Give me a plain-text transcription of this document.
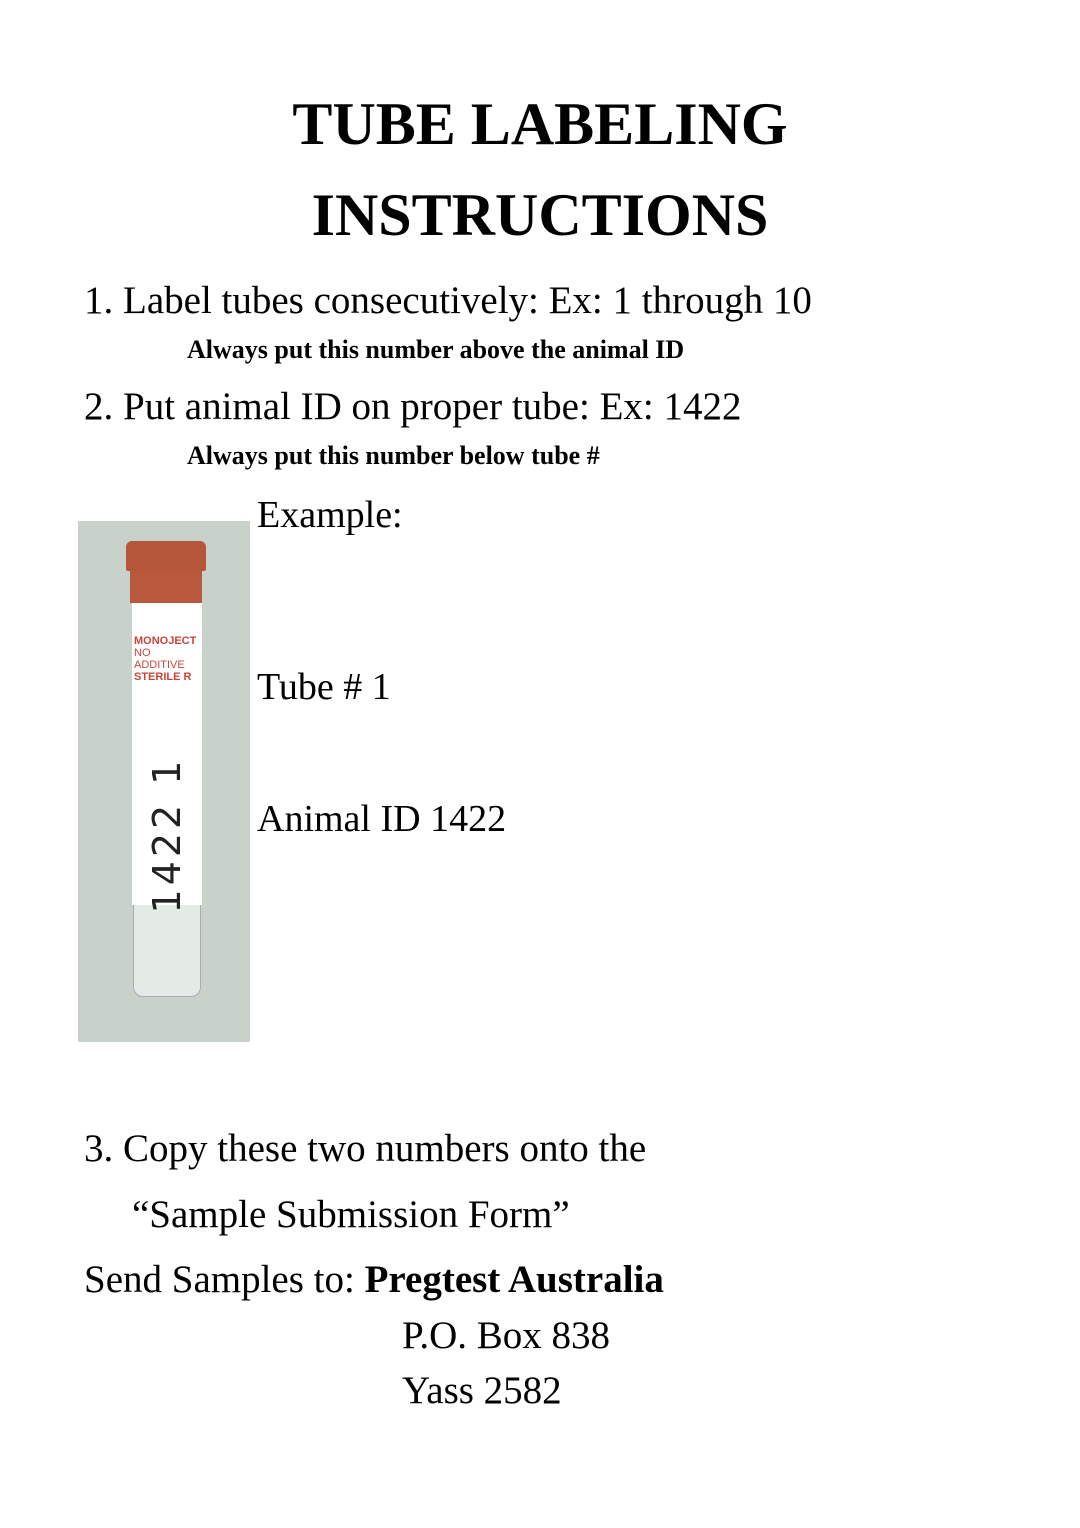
TUBE LABELING
INSTRUCTIONS
1. Label tubes consecutively: Ex: 1 through 10
Always put this number above the animal ID
2. Put animal ID on proper tube: Ex: 1422
Always put this number below tube #
Example:
Tube # 1
Animal ID 1422
MONOJECT
NO ADDITIVE
STERILE R
1422 1
3. Copy these two numbers onto the
“Sample Submission Form”
Send Samples to: Pregtest Australia
P.O. Box 838
Yass 2582
